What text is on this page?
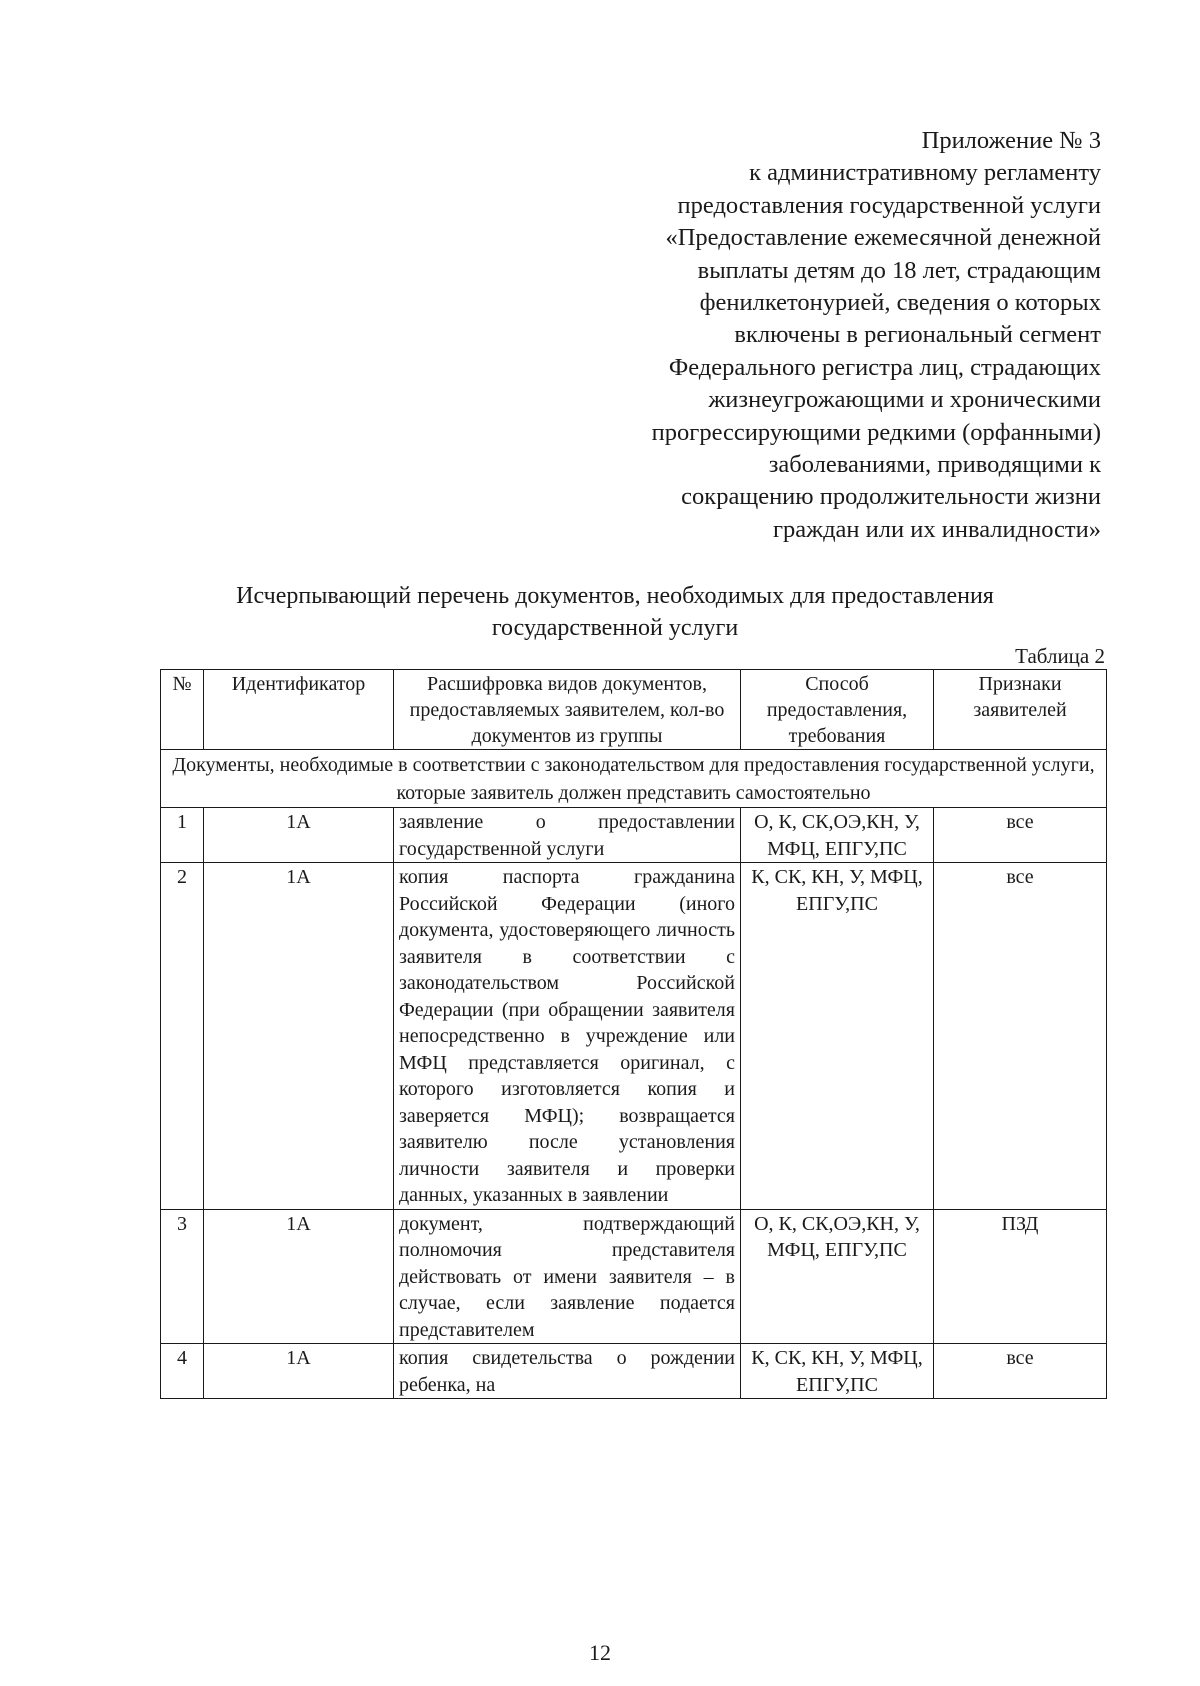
Приложение № 3
к административному регламенту
предоставления государственной услуги
«Предоставление ежемесячной денежной
выплаты детям до 18 лет, страдающим
фенилкетонурией, сведения о которых
включены в региональный сегмент
Федерального регистра лиц, страдающих
жизнеугрожающими и хроническими
прогрессирующими редкими (орфанными)
заболеваниями, приводящими к
сокращению продолжительности жизни
граждан или их инвалидности»
Исчерпывающий перечень документов, необходимых для предоставления
государственной услуги
Таблица 2
№	Идентификатор	Расшифровка видов документов, предоставляемых заявителем, кол-во документов из группы	Способ предоставления, требования	Признаки заявителей
Документы, необходимые в соответствии с законодательством для предоставления государственной услуги, которые заявитель должен представить самостоятельно				
1	1А	заявление о предоставлении государственной услуги	О, К, СК,ОЭ,КН, У, МФЦ, ЕПГУ,ПС	все
2	1А	копия паспорта гражданина Российской Федерации (иного документа, удостоверяющего личность заявителя в соответствии с законодательством Российской Федерации (при обращении заявителя непосредственно в учреждение или МФЦ представляется оригинал, с которого изготовляется копия и заверяется МФЦ); возвращается заявителю после установления личности заявителя и проверки данных, указанных в заявлении	К, СК, КН, У, МФЦ, ЕПГУ,ПС	все
3	1А	документ, подтверждающий полномочия представителя действовать от имени заявителя – в случае, если заявление подается представителем	О, К, СК,ОЭ,КН, У, МФЦ, ЕПГУ,ПС	ПЗД
4	1А	копия свидетельства о рождении ребенка, на	К, СК, КН, У, МФЦ, ЕПГУ,ПС	все
12
